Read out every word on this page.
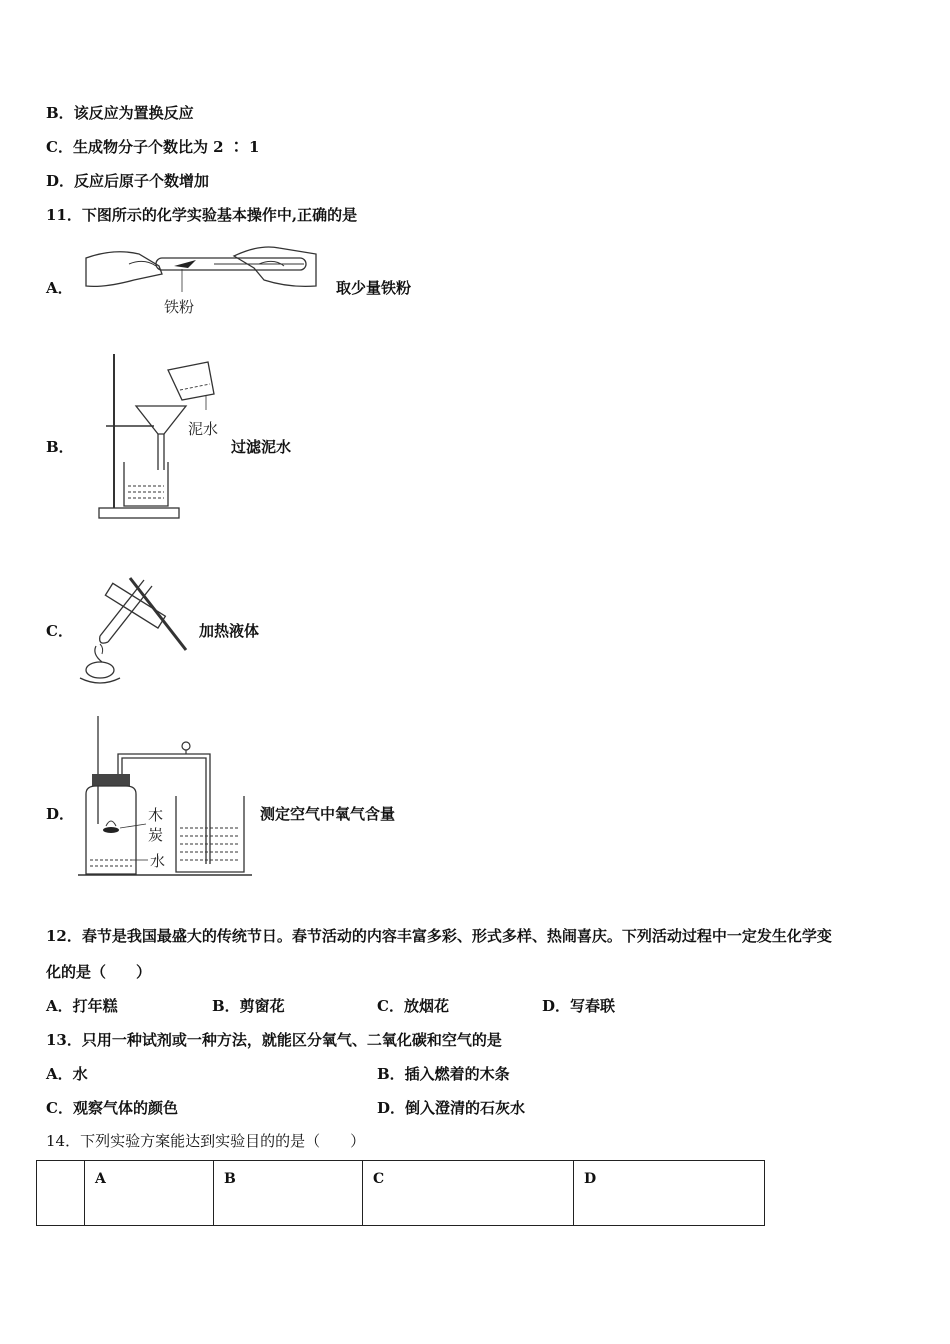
B．该反应为置换反应
C．生成物分子个数比为 2 ∶ 1
D．反应后原子个数增加
11．下图所示的化学实验基本操作中,正确的是
A．
铁粉
取少量铁粉
B．
泥水
过滤泥水
C．	加热液体
D．	木
炭
水
测定空气中氧气含量
12．春节是我国最盛大的传统节日。春节活动的内容丰富多彩、形式多样、热闹喜庆。下列活动过程中一定发生化学变
化的是（　　）
A．打年糕	B．剪窗花	C．放烟花	D．写春联
13．只用一种试剂或一种方法，就能区分氧气、二氧化碳和空气的是
A．水	B．插入燃着的木条
C．观察气体的颜色	D．倒入澄清的石灰水
14．下列实验方案能达到实验目的的是（　　）
	A	B	C	D
